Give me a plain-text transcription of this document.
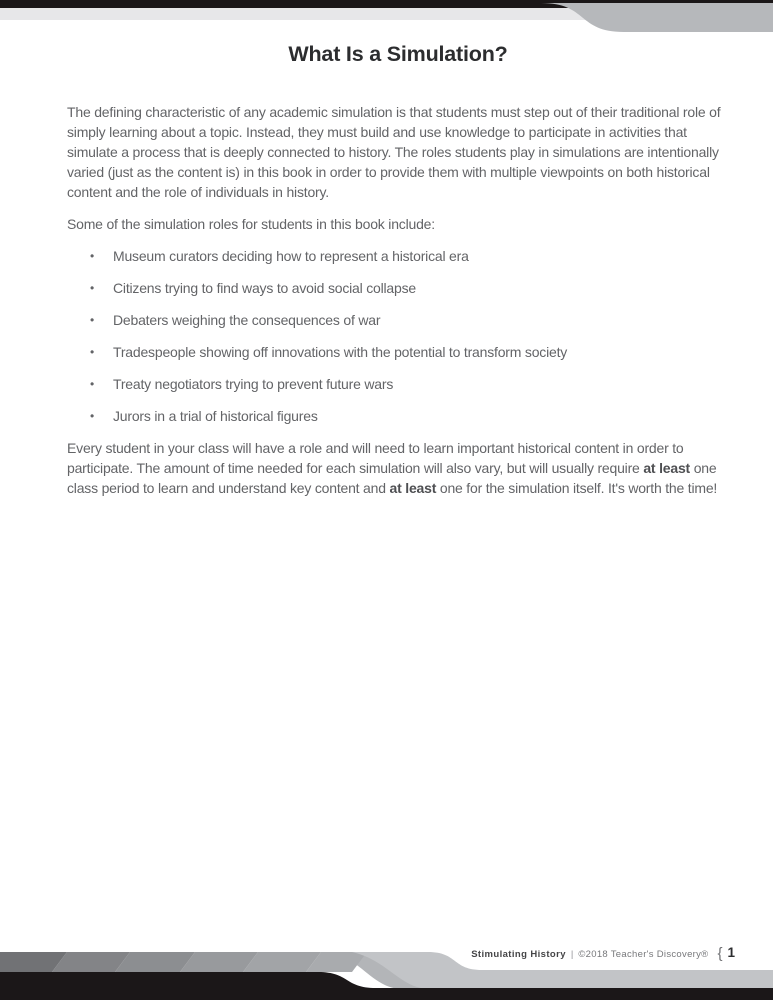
What Is a Simulation?

The defining characteristic of any academic simulation is that students must step out of their traditional role of simply learning about a topic. Instead, they must build and use knowledge to participate in activities that simulate a process that is deeply connected to history. The roles students play in simulations are intentionally varied (just as the content is) in this book in order to provide them with multiple viewpoints on both historical content and the role of individuals in history.

Some of the simulation roles for students in this book include:

•	Museum curators deciding how to represent a historical era
•	Citizens trying to find ways to avoid social collapse
•	Debaters weighing the consequences of war
•	Tradespeople showing off innovations with the potential to transform society
•	Treaty negotiators trying to prevent future wars
•	Jurors in a trial of historical figures

Every student in your class will have a role and will need to learn important historical content in order to participate. The amount of time needed for each simulation will also vary, but will usually require at least one class period to learn and understand key content and at least one for the simulation itself. It's worth the time!

Stimulating History | ©2018 Teacher's Discovery® { 1
